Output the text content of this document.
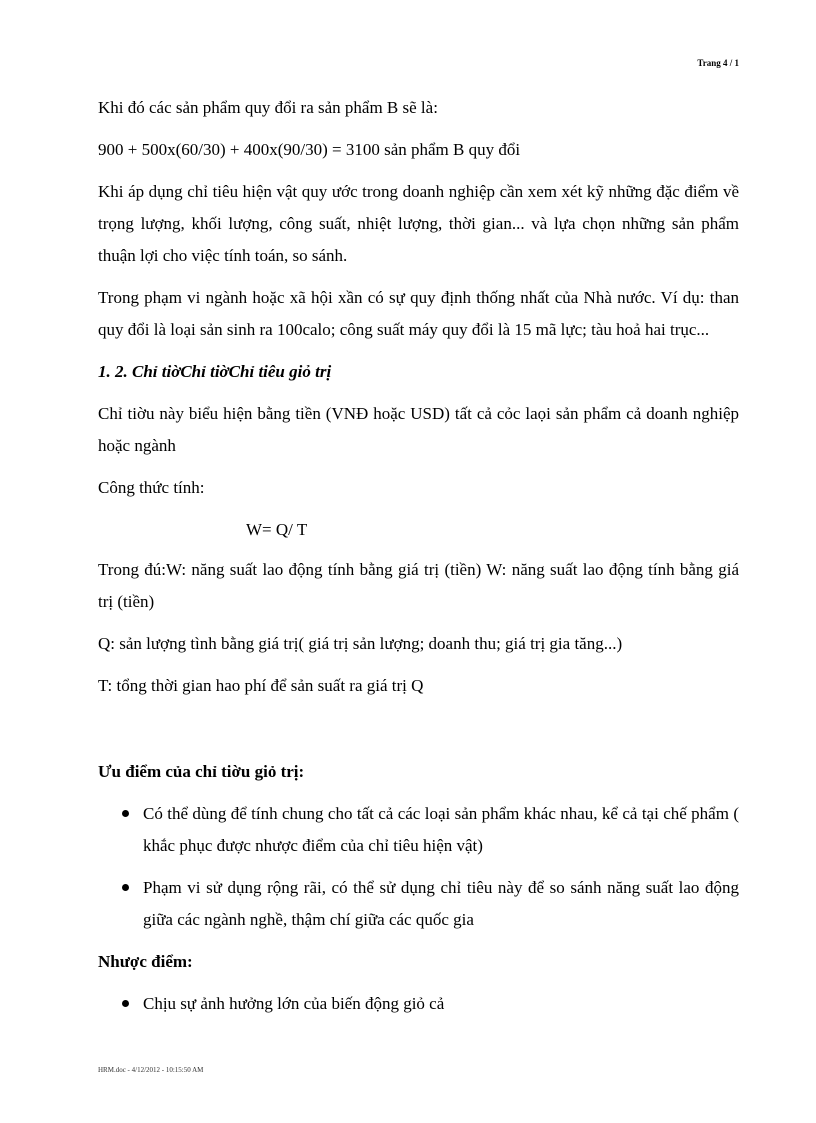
Trang 4 / 1

Khi đó các sản phẩm quy đổi ra sản phẩm B sẽ là:

900 + 500x(60/30) + 400x(90/30) = 3100 sản phẩm B quy đổi

Khi áp dụng chỉ tiêu hiện vật quy ước trong doanh nghiệp cần xem xét kỹ những đặc điểm về trọng lượng, khối lượng, công suất, nhiệt lượng, thời gian... và lựa chọn những sản phẩm thuận lợi cho việc tính toán, so sánh.

Trong phạm vi ngành hoặc xã hội xần có sự quy định thống nhất của Nhà nước. Ví dụ: than quy đổi là loại sản sinh ra 100calo; công suất máy quy đổi là 15 mã lực; tàu hoả hai trục...

1. 2. Chỉ tiờChỉ tiờChỉ tiêu giỏ trị

Chỉ tiờu này biểu hiện bằng tiền (VNĐ hoặc USD) tất cả cỏc laọi sản phẩm cả doanh nghiệp hoặc ngành

Công thức tính:

W= Q/ T

Trong đú:W: năng suất lao động tính bằng giá trị (tiền) W: năng suất lao động tính bằng giá trị (tiền)

Q: sản lượng tình bằng giá trị( giá trị sản lượng; doanh thu; giá trị gia tăng...)

T: tổng thời gian hao phí để sản suất ra giá trị Q

Ưu điểm của chỉ tiờu giỏ trị:
Có thể dùng để tính chung cho tất cả các loại sản phẩm khác nhau, kể cả tại chế phẩm ( khắc phục được nhược điểm của chỉ tiêu hiện vật)
Phạm vi sử dụng rộng rãi, có thể sử dụng chỉ tiêu này để so sánh năng suất lao động giữa các ngành nghề, thậm chí giữa các quốc gia
Nhược điểm:
Chịu sự ảnh hưởng lớn của biến động giỏ cả
HRM.doc - 4/12/2012 - 10:15:50 AM
